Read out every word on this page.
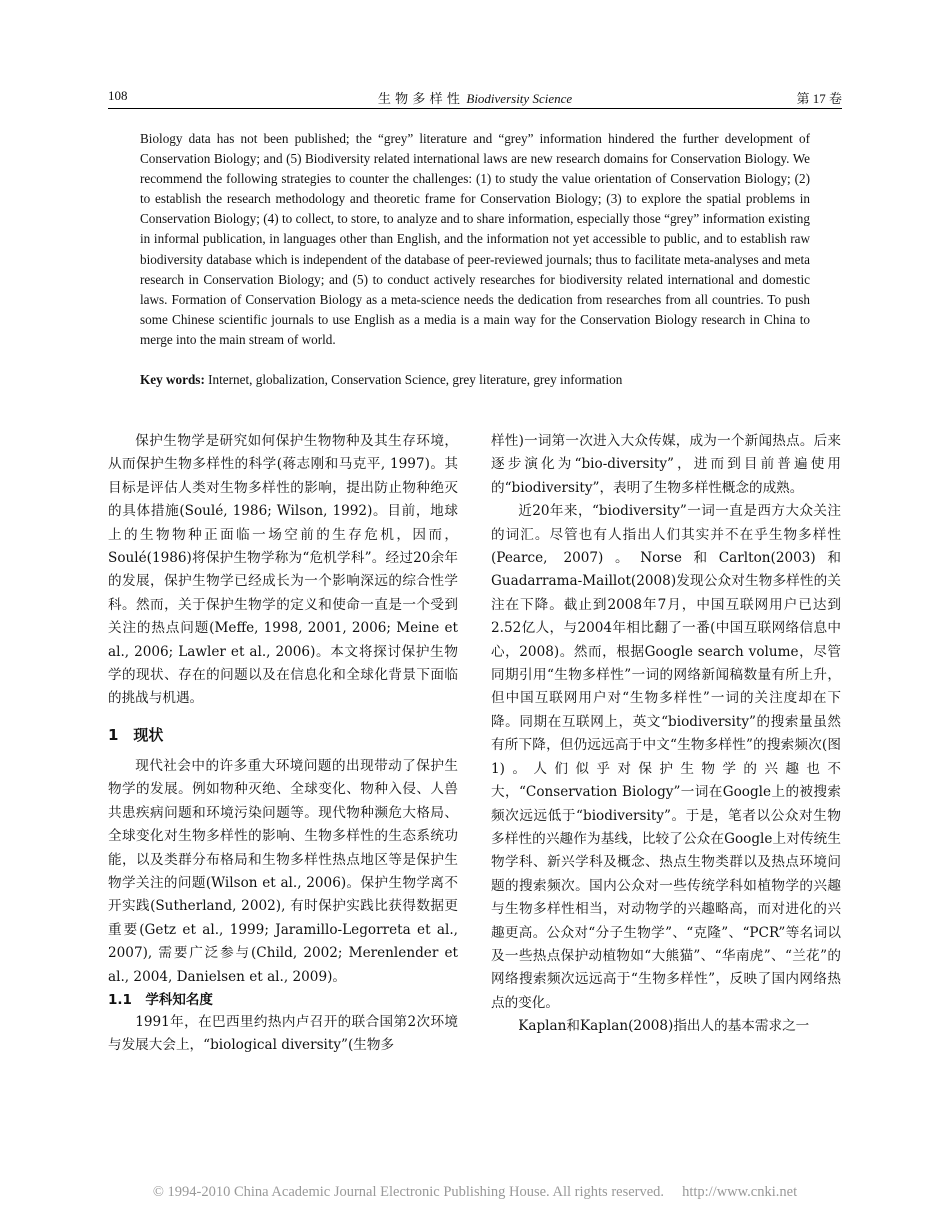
108	生 物 多 样 性 Biodiversity Science	第 17 卷

Biology data has not been published; the “grey” literature and “grey” information hindered the further development of Conservation Biology; and (5) Biodiversity related international laws are new research domains for Conservation Biology. We recommend the following strategies to counter the challenges: (1) to study the value orientation of Conservation Biology; (2) to establish the research methodology and theoretic frame for Conservation Biology; (3) to explore the spatial problems in Conservation Biology; (4) to collect, to store, to analyze and to share information, especially those “grey” information existing in informal publication, in languages other than English, and the information not yet accessible to public, and to establish raw biodiversity database which is independent of the database of peer-reviewed journals; thus to facilitate meta-analyses and meta research in Conservation Biology; and (5) to conduct actively researches for biodiversity related international and domestic laws. Formation of Conservation Biology as a meta-science needs the dedication from researches from all countries. To push some Chinese scientific journals to use English as a media is a main way for the Conservation Biology research in China to merge into the main stream of world.

Key words: Internet, globalization, Conservation Science, grey literature, grey information

保护生物学是研究如何保护生物物种及其生存环境，从而保护生物多样性的科学(蒋志刚和马克平, 1997)。其目标是评估人类对生物多样性的影响，提出防止物种绝灭的具体措施(Soulé, 1986; Wilson, 1992)。目前，地球上的生物物种正面临一场空前的生存危机，因而，Soulé(1986)将保护生物学称为“危机学科”。经过20余年的发展，保护生物学已经成长为一个影响深远的综合性学科。然而，关于保护生物学的定义和使命一直是一个受到关注的热点问题(Meffe, 1998, 2001, 2006; Meine et al., 2006; Lawler et al., 2006)。本文将探讨保护生物学的现状、存在的问题以及在信息化和全球化背景下面临的挑战与机遇。

1　现状

现代社会中的许多重大环境问题的出现带动了保护生物学的发展。例如物种灭绝、全球变化、物种入侵、人兽共患疾病问题和环境污染问题等。现代物种濒危大格局、全球变化对生物多样性的影响、生物多样性的生态系统功能，以及类群分布格局和生物多样性热点地区等是保护生物学关注的问题(Wilson et al., 2006)。保护生物学离不开实践(Sutherland, 2002), 有时保护实践比获得数据更重要(Getz et al., 1999; Jaramillo-Legorreta et al., 2007), 需要广泛参与(Child, 2002; Merenlender et al., 2004, Danielsen et al., 2009)。

1.1　学科知名度

1991年，在巴西里约热内卢召开的联合国第2次环境与发展大会上，“biological diversity”(生物多

样性)一词第一次进入大众传媒，成为一个新闻热点。后来逐步演化为“bio-diversity”，进而到目前普遍使用的“biodiversity”，表明了生物多样性概念的成熟。

近20年来，“biodiversity”一词一直是西方大众关注的词汇。尽管也有人指出人们其实并不在乎生物多样性(Pearce, 2007)。Norse和Carlton(2003)和Guadarrama-Maillot(2008)发现公众对生物多样性的关注在下降。截止到2008年7月，中国互联网用户已达到2.52亿人，与2004年相比翻了一番(中国互联网络信息中心，2008)。然而，根据Google search volume，尽管同期引用“生物多样性”一词的网络新闻稿数量有所上升，但中国互联网用户对“生物多样性”一词的关注度却在下降。同期在互联网上，英文“biodiversity”的搜索量虽然有所下降，但仍远远高于中文“生物多样性”的搜索频次(图1)。人们似乎对保护生物学的兴趣也不大，“Conservation Biology”一词在Google上的被搜索频次远远低于“biodiversity”。于是，笔者以公众对生物多样性的兴趣作为基线，比较了公众在Google上对传统生物学科、新兴学科及概念、热点生物类群以及热点环境问题的搜索频次。国内公众对一些传统学科如植物学的兴趣与生物多样性相当，对动物学的兴趣略高，而对进化的兴趣更高。公众对“分子生物学”、“克隆”、“PCR”等名词以及一些热点保护动植物如“大熊猫”、“华南虎”、“兰花”的网络搜索频次远远高于“生物多样性”，反映了国内网络热点的变化。

Kaplan和Kaplan(2008)指出人的基本需求之一

© 1994-2010 China Academic Journal Electronic Publishing House. All rights reserved. http://www.cnki.net
